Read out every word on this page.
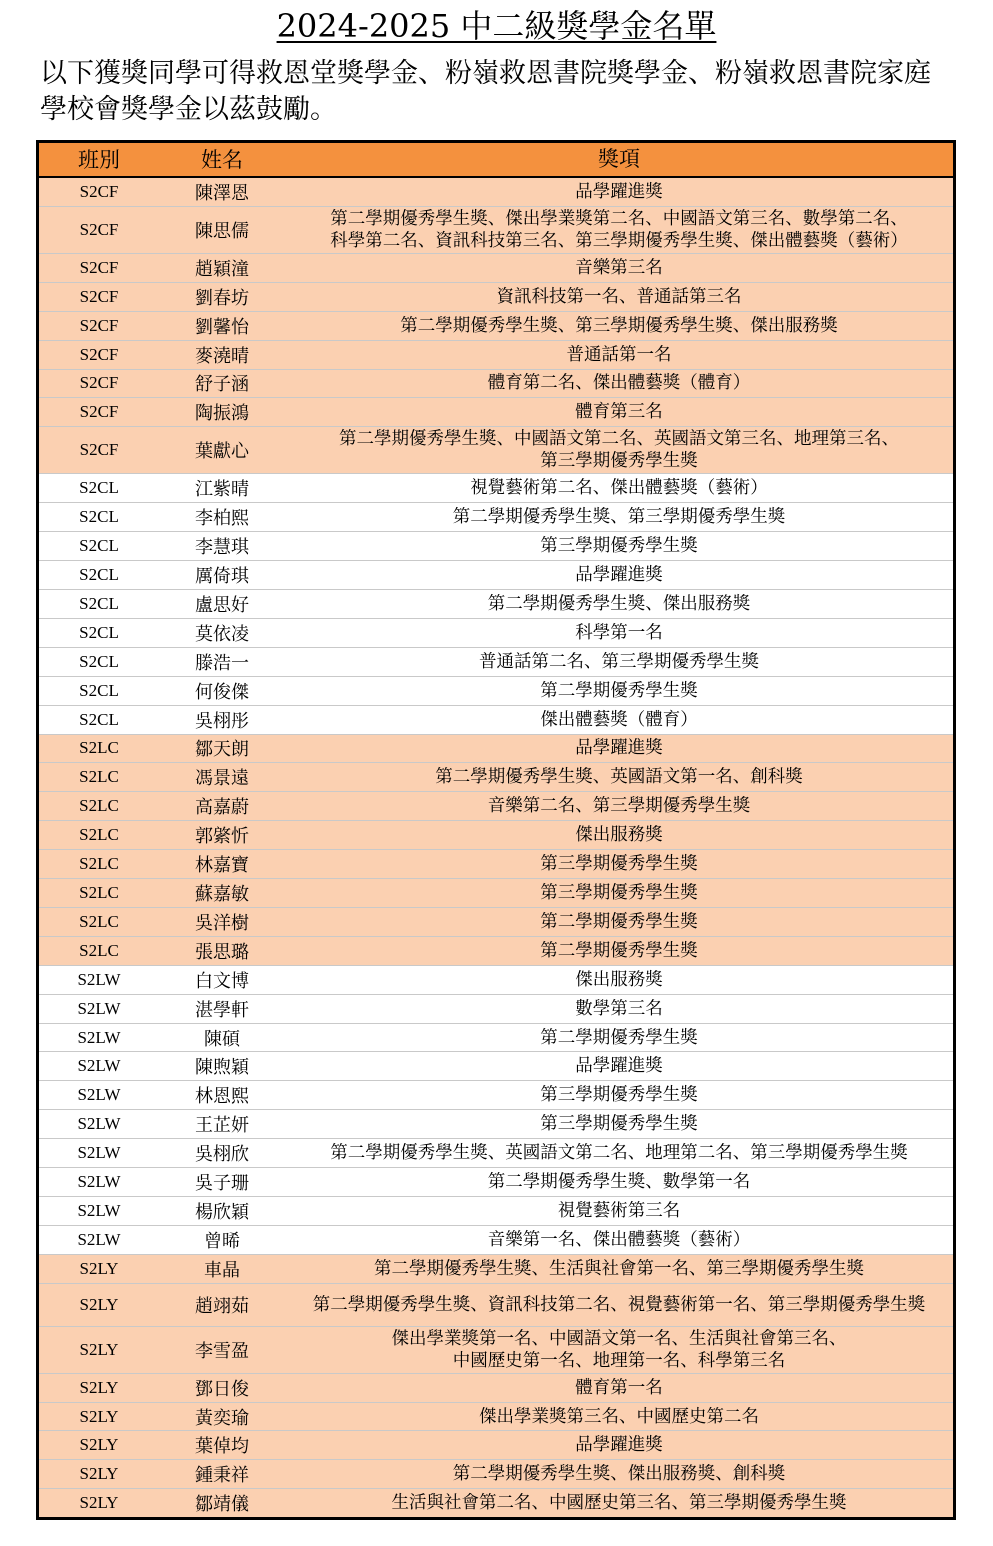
2024-2025 中二級獎學金名單
以下獲獎同學可得救恩堂獎學金、粉嶺救恩書院獎學金、粉嶺救恩書院家庭學校會獎學金以茲鼓勵。
班別	姓名	獎項
S2CF	陳澤恩	品學躍進獎
S2CF	陳思儒
第二學期優秀學生獎、傑出學業獎第二名、中國語文第三名、數學第二名、
科學第二名、資訊科技第三名、第三學期優秀學生獎、傑出體藝獎（藝術）
S2CF	趙穎潼	音樂第三名
S2CF	劉春坊	資訊科技第一名、普通話第三名
S2CF	劉馨怡	第二學期優秀學生獎、第三學期優秀學生獎、傑出服務獎
S2CF	麥澆晴	普通話第一名
S2CF	舒子涵	體育第二名、傑出體藝獎（體育）
S2CF	陶振鴻	體育第三名
S2CF	葉獻心
第二學期優秀學生獎、中國語文第二名、英國語文第三名、地理第三名、
第三學期優秀學生獎
S2CL	江紫晴	視覺藝術第二名、傑出體藝獎（藝術）
S2CL	李柏熙	第二學期優秀學生獎、第三學期優秀學生獎
S2CL	李慧琪	第三學期優秀學生獎
S2CL	厲倚琪	品學躍進獎
S2CL	盧思好	第二學期優秀學生獎、傑出服務獎
S2CL	莫依凌	科學第一名
S2CL	滕浩一	普通話第二名、第三學期優秀學生獎
S2CL	何俊傑	第二學期優秀學生獎
S2CL	吳栩彤	傑出體藝獎（體育）
S2LC	鄒天朗	品學躍進獎
S2LC	馮景遠	第二學期優秀學生獎、英國語文第一名、創科獎
S2LC	高嘉蔚	音樂第二名、第三學期優秀學生獎
S2LC	郭綮忻	傑出服務獎
S2LC	林嘉寶	第三學期優秀學生獎
S2LC	蘇嘉敏	第三學期優秀學生獎
S2LC	吳洋樹	第二學期優秀學生獎
S2LC	張思璐	第二學期優秀學生獎
S2LW	白文博	傑出服務獎
S2LW	湛學軒	數學第三名
S2LW	陳碩	第二學期優秀學生獎
S2LW	陳煦穎	品學躍進獎
S2LW	林恩熙	第三學期優秀學生獎
S2LW	王芷妍	第三學期優秀學生獎
S2LW	吳栩欣	第二學期優秀學生獎、英國語文第二名、地理第二名、第三學期優秀學生獎
S2LW	吳子珊	第二學期優秀學生獎、數學第一名
S2LW	楊欣穎	視覺藝術第三名
S2LW	曾晞	音樂第一名、傑出體藝獎（藝術）
S2LY	車晶	第二學期優秀學生獎、生活與社會第一名、第三學期優秀學生獎
S2LY	趙翊茹	第二學期優秀學生獎、資訊科技第二名、視覺藝術第一名、第三學期優秀學生獎
S2LY	李雪盈
傑出學業獎第一名、中國語文第一名、生活與社會第三名、
中國歷史第一名、地理第一名、科學第三名
S2LY	鄧日俊	體育第一名
S2LY	黃奕瑜	傑出學業獎第三名、中國歷史第二名
S2LY	葉倬均	品學躍進獎
S2LY	鍾秉祥	第二學期優秀學生獎、傑出服務獎、創科獎
S2LY	鄒靖儀	生活與社會第二名、中國歷史第三名、第三學期優秀學生獎
